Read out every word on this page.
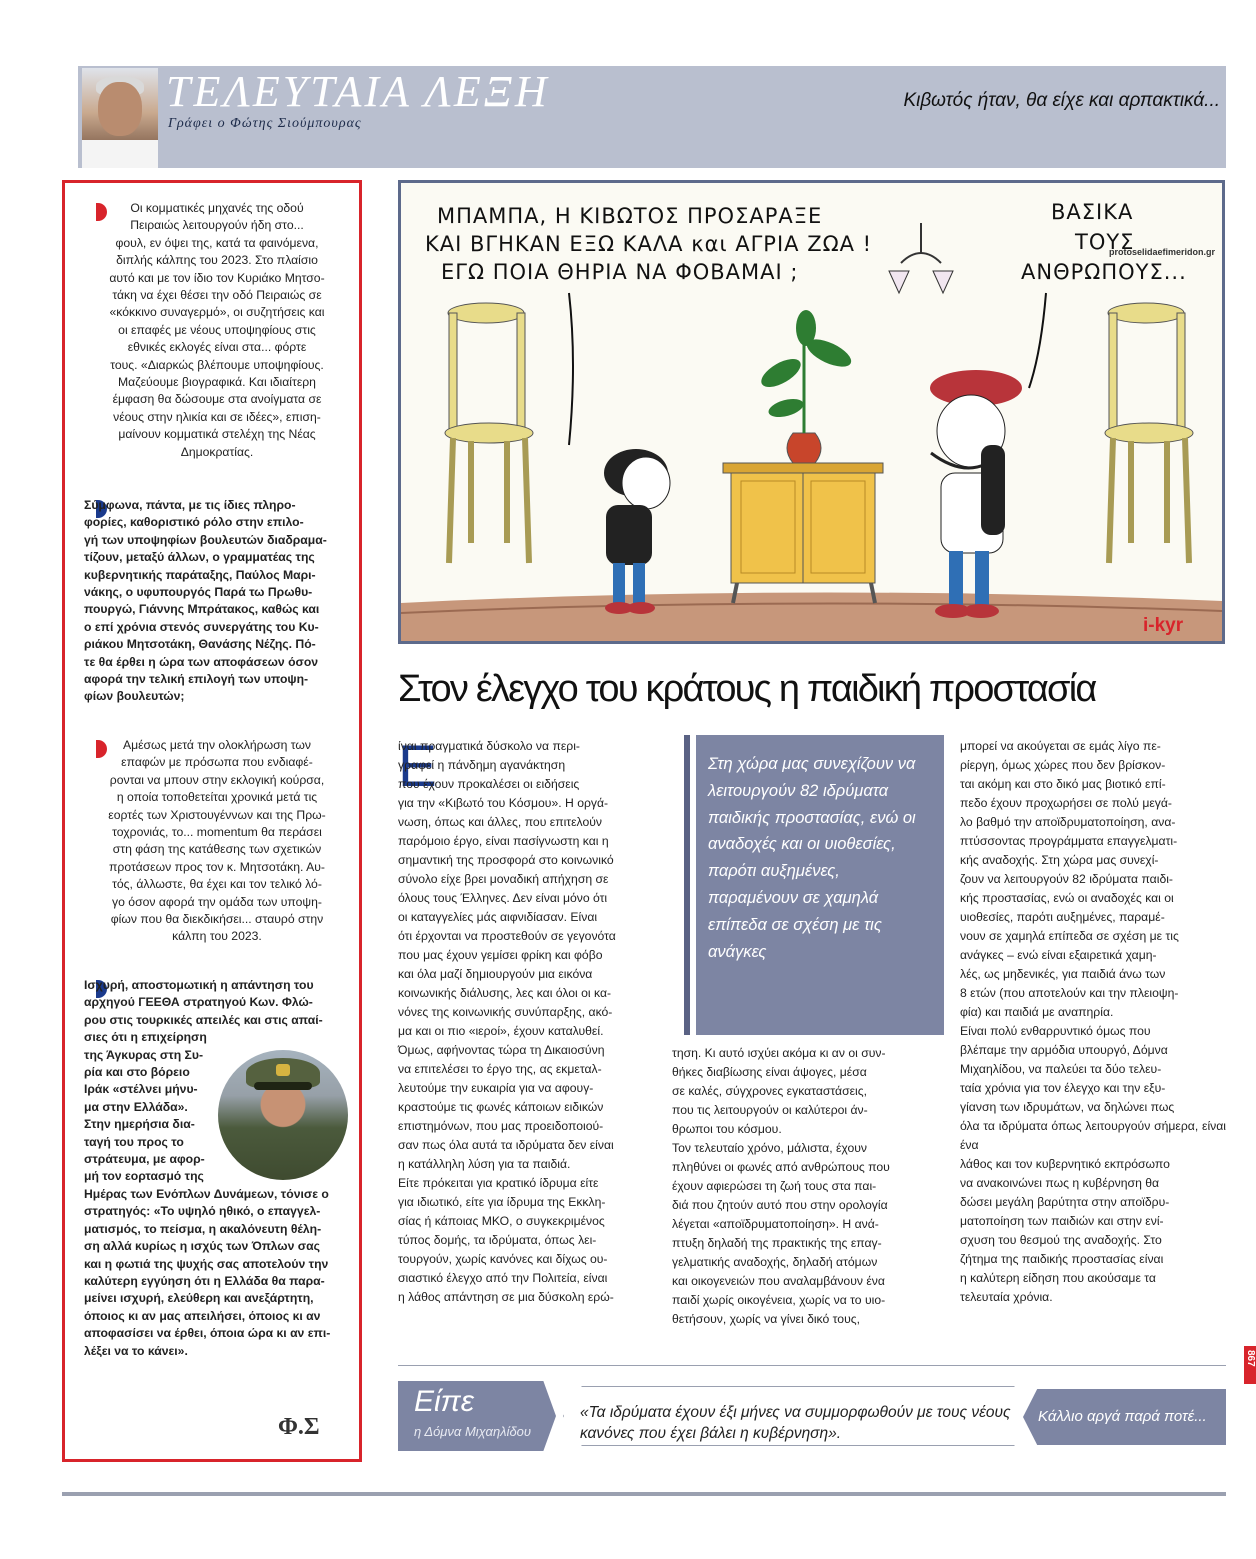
ΤΕΛΕΥΤΑΙΑ ΛΕΞΗ
Γράφει ο Φώτης Σιούμπουρας
Κιβωτός ήταν, θα είχε και αρπακτικά...
Οι κομματικές μηχανές της οδού
Πειραιώς λειτουργούν ήδη στο...
φουλ, εν όψει της, κατά τα φαινόμενα,
διπλής κάλπης του 2023. Στο πλαίσιο
αυτό και με τον ίδιο τον Κυριάκο Μητσο-
τάκη να έχει θέσει την οδό Πειραιώς σε
«κόκκινο συναγερμό», οι συζητήσεις και
οι επαφές με νέους υποψηφίους στις
εθνικές εκλογές είναι στα... φόρτε
τους. «Διαρκώς βλέπουμε υποψηφίους.
Μαζεύουμε βιογραφικά. Και ιδιαίτερη
έμφαση θα δώσουμε στα ανοίγματα σε
νέους στην ηλικία και σε ιδέες», επιση-
μαίνουν κομματικά στελέχη της Νέας
Δημοκρατίας.
Σύμφωνα, πάντα, με τις ίδιες πληρο-
φορίες, καθοριστικό ρόλο στην επιλο-
γή των υποψηφίων βουλευτών διαδραμα-
τίζουν, μεταξύ άλλων, ο γραμματέας της
κυβερνητικής παράταξης, Παύλος Μαρι-
νάκης, ο υφυπουργός Παρά τω Πρωθυ-
πουργώ, Γιάννης Μπράτακος, καθώς και
ο επί χρόνια στενός συνεργάτης του Κυ-
ριάκου Μητσοτάκη, Θανάσης Νέζης. Πό-
τε θα έρθει η ώρα των αποφάσεων όσον
αφορά την τελική επιλογή των υποψη-
φίων βουλευτών;
Αμέσως μετά την ολοκλήρωση των
επαφών με πρόσωπα που ενδιαφέ-
ρονται να μπουν στην εκλογική κούρσα,
η οποία τοποθετείται χρονικά μετά τις
εορτές των Χριστουγέννων και της Πρω-
τοχρονιάς, το... momentum θα περάσει
στη φάση της κατάθεσης των σχετικών
προτάσεων προς τον κ. Μητσοτάκη. Αυ-
τός, άλλωστε, θα έχει και τον τελικό λό-
γο όσον αφορά την ομάδα των υποψη-
φίων που θα διεκδικήσει... σταυρό στην
κάλπη του 2023.
Ισχυρή, αποστομωτική η απάντηση του
αρχηγού ΓΕΕΘΑ στρατηγού Κων. Φλώ-
ρου στις τουρκικές απειλές και στις απαί-
σιες ότι η επιχείρηση
της Άγκυρας στη Συ-
ρία και στο βόρειο
Ιράκ «στέλνει μήνυ-
μα στην Ελλάδα».
Στην ημερήσια δια-
ταγή του προς το
στράτευμα, με αφορ-
μή τον εορτασμό της
Ημέρας των Ενόπλων Δυνάμεων, τόνισε ο
στρατηγός: «Το υψηλό ηθικό, ο επαγγελ-
ματισμός, το πείσμα, η ακαλόνευτη θέλη-
ση αλλά κυρίως η ισχύς των Όπλων σας
και η φωτιά της ψυχής σας αποτελούν την
καλύτερη εγγύηση ότι η Ελλάδα θα παρα-
μείνει ισχυρή, ελεύθερη και ανεξάρτητη,
όποιος κι αν μας απειλήσει, όποιος κι αν
αποφασίσει να έρθει, όποια ώρα κι αν επι-
λέξει να το κάνει».
Φ.Σ
ΜΠΑΜΠΑ, Η ΚΙΒΩΤΟΣ ΠΡΟΣΑΡΑΞΕ
ΚΑΙ ΒΓΗΚΑΝ ΕΞΩ ΚΑΛΑ και ΑΓΡΙΑ ΖΩΑ !
ΕΓΩ ΠΟΙΑ ΘΗΡΙΑ ΝΑ ΦΟΒΑΜΑΙ ;
ΒΑΣΙΚΑ
ΤΟΥΣ
ΑΝΘΡΩΠΟΥΣ...
protoselidaefimeridon.gr
i-kyr
Στον έλεγχο του κράτους η παιδική προστασία
Ε
ίναι πραγματικά δύσκολο να περι-
γραφεί η πάνδημη αγανάκτηση
που έχουν προκαλέσει οι ειδήσεις
για την «Κιβωτό του Κόσμου». Η οργά-
νωση, όπως και άλλες, που επιτελούν
παρόμοιο έργο, είναι πασίγνωστη και η
σημαντική της προσφορά στο κοινωνικό
σύνολο είχε βρει μοναδική απήχηση σε
όλους τους Έλληνες. Δεν είναι μόνο ότι
οι καταγγελίες μάς αιφνιδίασαν. Είναι
ότι έρχονται να προστεθούν σε γεγονότα
που μας έχουν γεμίσει φρίκη και φόβο
και όλα μαζί δημιουργούν μια εικόνα
κοινωνικής διάλυσης, λες και όλοι οι κα-
νόνες της κοινωνικής συνύπαρξης, ακό-
μα και οι πιο «ιεροί», έχουν καταλυθεί.
Όμως, αφήνοντας τώρα τη Δικαιοσύνη
να επιτελέσει το έργο της, ας εκμεταλ-
λευτούμε την ευκαιρία για να αφουγ-
κραστούμε τις φωνές κάποιων ειδικών
επιστημόνων, που μας προειδοποιού-
σαν πως όλα αυτά τα ιδρύματα δεν είναι
η κατάλληλη λύση για τα παιδιά.
Είτε πρόκειται για κρατικό ίδρυμα είτε
για ιδιωτικό, είτε για ίδρυμα της Εκκλη-
σίας ή κάποιας ΜΚΟ, ο συγκεκριμένος
τύπος δομής, τα ιδρύματα, όπως λει-
τουργούν, χωρίς κανόνες και δίχως ου-
σιαστικό έλεγχο από την Πολιτεία, είναι
η λάθος απάντηση σε μια δύσκολη ερώ-
Στη χώρα μας συνεχίζουν να λειτουργούν 82 ιδρύματα παιδικής προστασίας, ενώ οι αναδοχές και οι υιοθεσίες, παρότι αυξημένες, παραμένουν σε χαμηλά επίπεδα σε σχέση με τις ανάγκες
τηση. Κι αυτό ισχύει ακόμα κι αν οι συν-
θήκες διαβίωσης είναι άψογες, μέσα
σε καλές, σύγχρονες εγκαταστάσεις,
που τις λειτουργούν οι καλύτεροι άν-
θρωποι του κόσμου.
Τον τελευταίο χρόνο, μάλιστα, έχουν
πληθύνει οι φωνές από ανθρώπους που
έχουν αφιερώσει τη ζωή τους στα παι-
διά που ζητούν αυτό που στην ορολογία
λέγεται «αποϊδρυματοποίηση». Η ανά-
πτυξη δηλαδή της πρακτικής της επαγ-
γελματικής αναδοχής, δηλαδή ατόμων
και οικογενειών που αναλαμβάνουν ένα
παιδί χωρίς οικογένεια, χωρίς να το υιο-
θετήσουν, χωρίς να γίνει δικό τους,
μπορεί να ακούγεται σε εμάς λίγο πε-
ρίεργη, όμως χώρες που δεν βρίσκον-
ται ακόμη και στο δικό μας βιοτικό επί-
πεδο έχουν προχωρήσει σε πολύ μεγά-
λο βαθμό την αποϊδρυματοποίηση, ανα-
πτύσσοντας προγράμματα επαγγελματι-
κής αναδοχής. Στη χώρα μας συνεχί-
ζουν να λειτουργούν 82 ιδρύματα παιδι-
κής προστασίας, ενώ οι αναδοχές και οι
υιοθεσίες, παρότι αυξημένες, παραμέ-
νουν σε χαμηλά επίπεδα σε σχέση με τις
ανάγκες – ενώ είναι εξαιρετικά χαμη-
λές, ως μηδενικές, για παιδιά άνω των
8 ετών (που αποτελούν και την πλειοψη-
φία) και παιδιά με αναπηρία.
Είναι πολύ ενθαρρυντικό όμως που
βλέπαμε την αρμόδια υπουργό, Δόμνα
Μιχαηλίδου, να παλεύει τα δύο τελευ-
ταία χρόνια για τον έλεγχο και την εξυ-
γίανση των ιδρυμάτων, να δηλώνει πως
όλα τα ιδρύματα όπως λειτουργούν σήμερα, είναι ένα
λάθος και τον κυβερνητικό εκπρόσωπο
να ανακοινώνει πως η κυβέρνηση θα
δώσει μεγάλη βαρύτητα στην αποϊδρυ-
ματοποίηση των παιδιών και στην ενί-
σχυση του θεσμού της αναδοχής. Στο
ζήτημα της παιδικής προστασίας είναι
η καλύτερη είδηση που ακούσαμε τα
τελευταία χρόνια.
Είπε
η Δόμνα Μιχαηλίδου
«Τα ιδρύματα έχουν έξι μήνες να συμμορφωθούν με τους νέους κανόνες που έχει βάλει η κυβέρνηση».
Κάλλιο αργά παρά ποτέ...
867
